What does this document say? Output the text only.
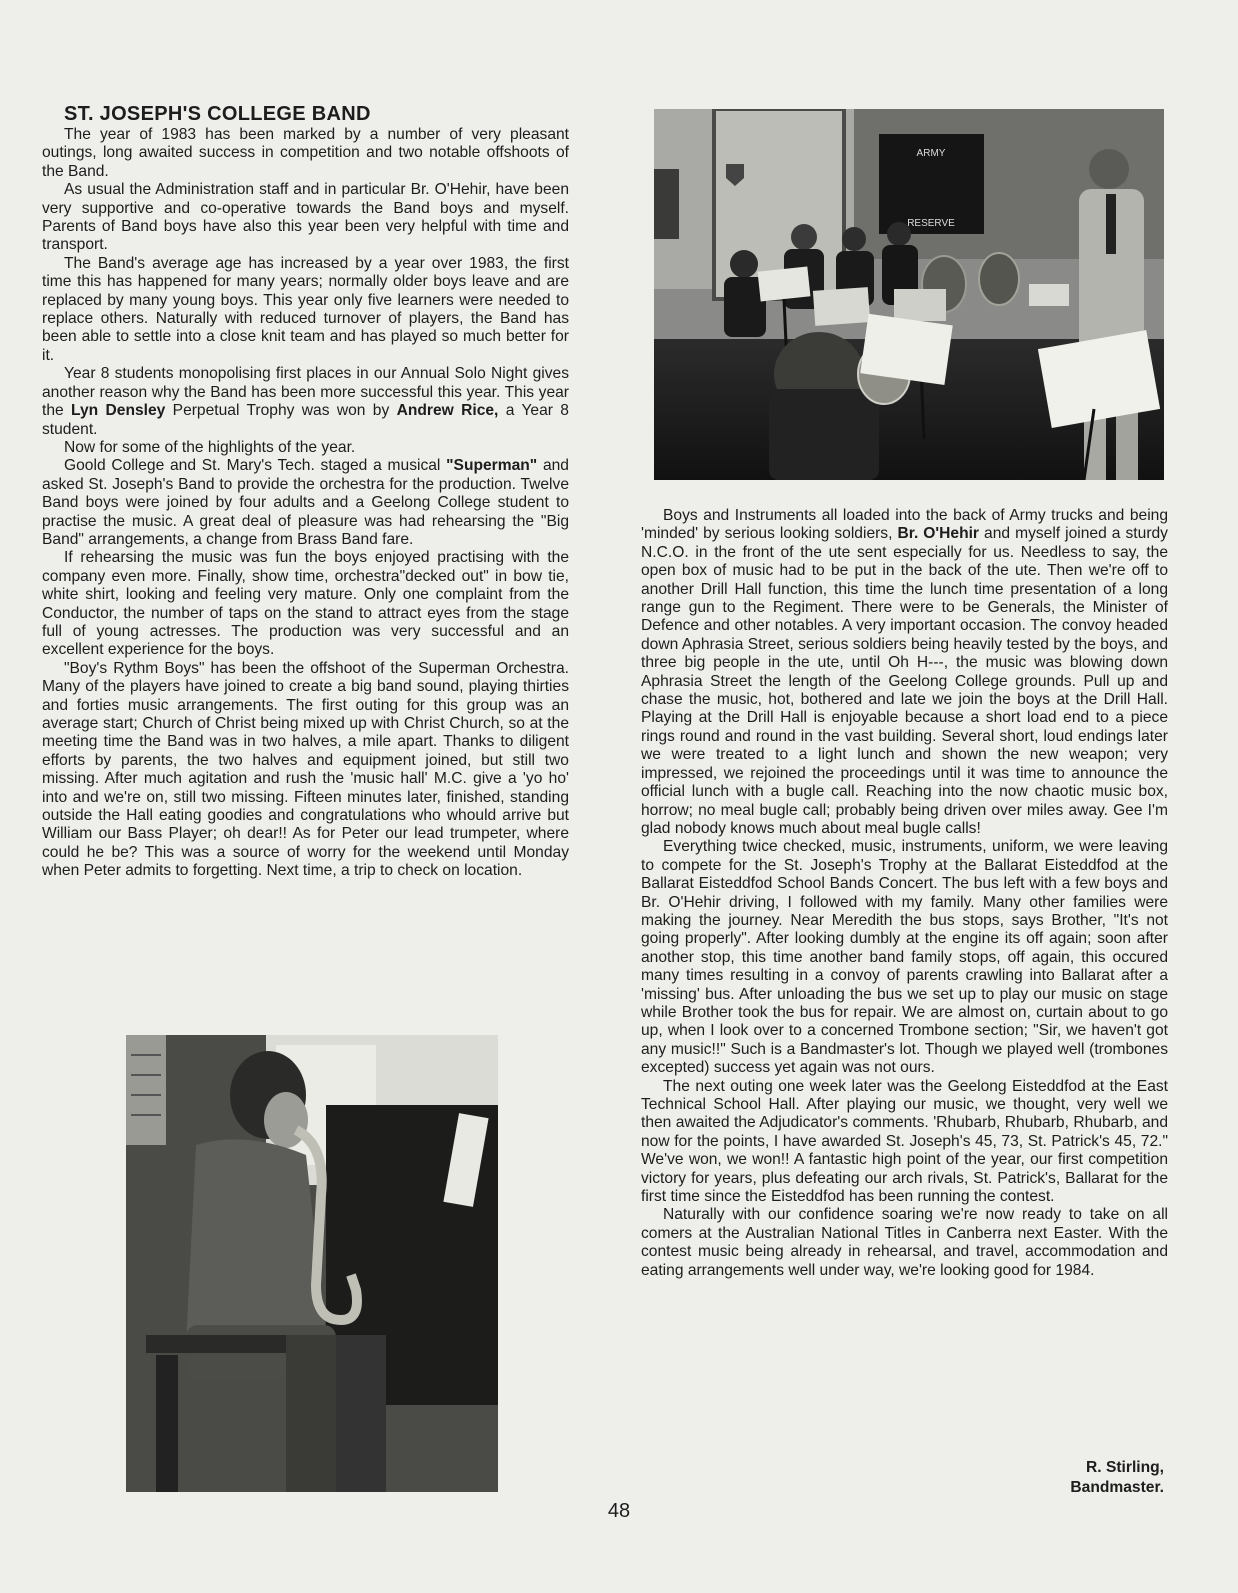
ST. JOSEPH'S COLLEGE BAND

The year of 1983 has been marked by a number of very pleasant outings, long awaited success in competition and two notable offshoots of the Band.

As usual the Administration staff and in particular Br. O'Hehir, have been very supportive and co-operative towards the Band boys and myself. Parents of Band boys have also this year been very helpful with time and transport.

The Band's average age has increased by a year over 1983, the first time this has happened for many years; normally older boys leave and are replaced by many young boys. This year only five learners were needed to replace others. Naturally with reduced turnover of players, the Band has been able to settle into a close knit team and has played so much better for it.

Year 8 students monopolising first places in our Annual Solo Night gives another reason why the Band has been more successful this year. This year the Lyn Densley Perpetual Trophy was won by Andrew Rice, a Year 8 student.

Now for some of the highlights of the year.

Goold College and St. Mary's Tech. staged a musical "Superman" and asked St. Joseph's Band to provide the orchestra for the production. Twelve Band boys were joined by four adults and a Geelong College student to practise the music. A great deal of pleasure was had rehearsing the "Big Band" arrangements, a change from Brass Band fare.

If rehearsing the music was fun the boys enjoyed practising with the company even more. Finally, show time, orchestra"decked out" in bow tie, white shirt, looking and feeling very mature. Only one complaint from the Conductor, the number of taps on the stand to attract eyes from the stage full of young actresses. The production was very successful and an excellent experience for the boys.

"Boy's Rythm Boys" has been the offshoot of the Superman Orchestra. Many of the players have joined to create a big band sound, playing thirties and forties music arrangements. The first outing for this group was an average start; Church of Christ being mixed up with Christ Church, so at the meeting time the Band was in two halves, a mile apart. Thanks to diligent efforts by parents, the two halves and equipment joined, but still two missing. After much agitation and rush the 'music hall' M.C. give a 'yo ho' into and we're on, still two missing. Fifteen minutes later, finished, standing outside the Hall eating goodies and congratulations who whould arrive but William our Bass Player; oh dear!! As for Peter our lead trumpeter, where could he be? This was a source of worry for the weekend until Monday when Peter admits to forgetting. Next time, a trip to check on location.

ARMY
RESERVE

Boys and Instruments all loaded into the back of Army trucks and being 'minded' by serious looking soldiers, Br. O'Hehir and myself joined a sturdy N.C.O. in the front of the ute sent especially for us. Needless to say, the open box of music had to be put in the back of the ute. Then we're off to another Drill Hall function, this time the lunch time presentation of a long range gun to the Regiment. There were to be Generals, the Minister of Defence and other notables. A very important occasion. The convoy headed down Aphrasia Street, serious soldiers being heavily tested by the boys, and three big people in the ute, until Oh H---, the music was blowing down Aphrasia Street the length of the Geelong College grounds. Pull up and chase the music, hot, bothered and late we join the boys at the Drill Hall. Playing at the Drill Hall is enjoyable because a short load end to a piece rings round and round in the vast building. Several short, loud endings later we were treated to a light lunch and shown the new weapon; very impressed, we rejoined the proceedings until it was time to announce the official lunch with a bugle call. Reaching into the now chaotic music box, horrow; no meal bugle call; probably being driven over miles away. Gee I'm glad nobody knows much about meal bugle calls!

Everything twice checked, music, instruments, uniform, we were leaving to compete for the St. Joseph's Trophy at the Ballarat Eisteddfod at the Ballarat Eisteddfod School Bands Concert. The bus left with a few boys and Br. O'Hehir driving, I followed with my family. Many other families were making the journey. Near Meredith the bus stops, says Brother, "It's not going properly". After looking dumbly at the engine its off again; soon after another stop, this time another band family stops, off again, this occured many times resulting in a convoy of parents crawling into Ballarat after a 'missing' bus. After unloading the bus we set up to play our music on stage while Brother took the bus for repair. We are almost on, curtain about to go up, when I look over to a concerned Trombone section; "Sir, we haven't got any music!!" Such is a Bandmaster's lot. Though we played well (trombones excepted) success yet again was not ours.

The next outing one week later was the Geelong Eisteddfod at the East Technical School Hall. After playing our music, we thought, very well we then awaited the Adjudicator's comments. 'Rhubarb, Rhubarb, Rhubarb, and now for the points, I have awarded St. Joseph's 45, 73, St. Patrick's 45, 72." We've won, we won!! A fantastic high point of the year, our first competition victory for years, plus defeating our arch rivals, St. Patrick's, Ballarat for the first time since the Eisteddfod has been running the contest.

Naturally with our confidence soaring we're now ready to take on all comers at the Australian National Titles in Canberra next Easter. With the contest music being already in rehearsal, and travel, accommodation and eating arrangements well under way, we're looking good for 1984.

R. Stirling,
Bandmaster.
48
